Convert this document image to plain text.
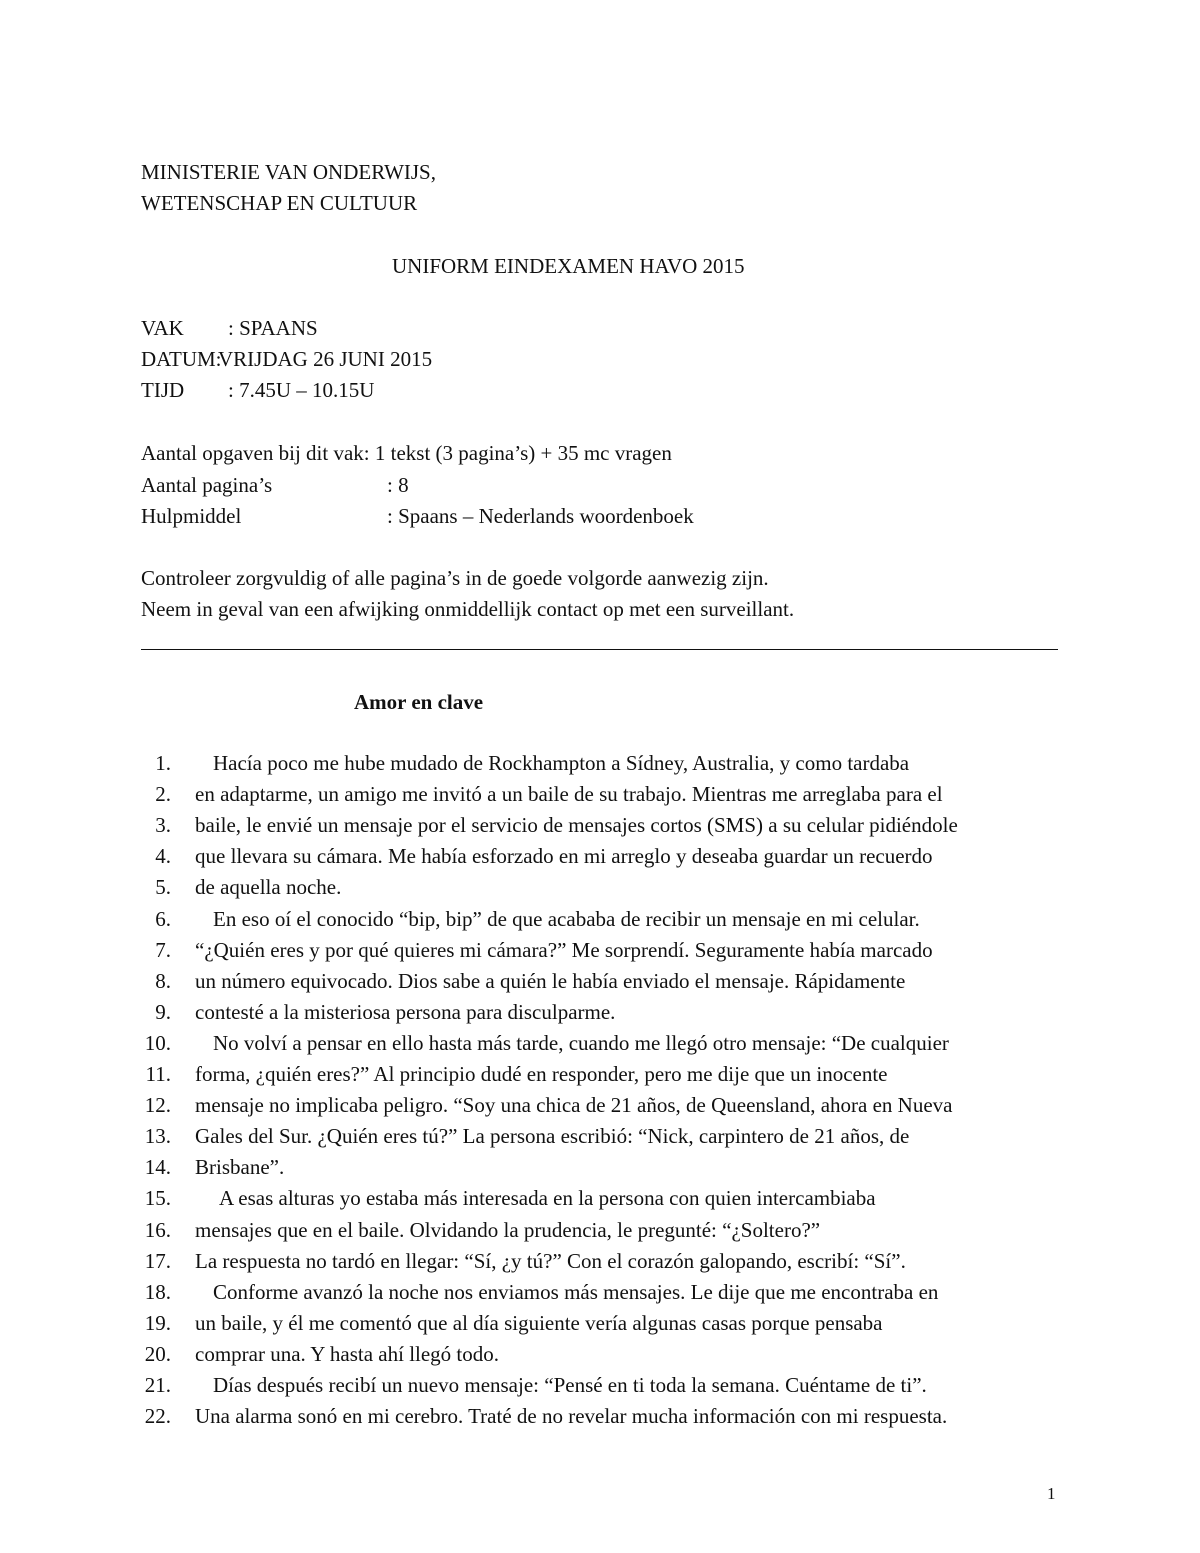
MINISTERIE VAN ONDERWIJS,
WETENSCHAP EN CULTUUR
UNIFORM EINDEXAMEN HAVO 2015
VAK : SPAANS
DATUM:
VRIJDAG 26 JUNI 2015
TIJD : 7.45U – 10.15U
Aantal opgaven bij dit vak: 1 tekst (3 pagina’s) + 35 mc vragen
Aantal pagina’s	: 8
Hulpmiddel	: Spaans – Nederlands woordenboek
Controleer zorgvuldig of alle pagina’s in de goede volgorde aanwezig zijn.
Neem in geval van een afwijking onmiddellijk contact op met een surveillant.
Amor en clave
1. Hacía poco me hube mudado de Rockhampton a Sídney, Australia, y como tardaba
2. en adaptarme, un amigo me invitó a un baile de su trabajo. Mientras me arreglaba para el
3. baile, le envié un mensaje por el servicio de mensajes cortos (SMS) a su celular pidiéndole
4. que llevara su cámara. Me había esforzado en mi arreglo y deseaba guardar un recuerdo
5. de aquella noche.
6. En eso oí el conocido “bip, bip” de que acababa de recibir un mensaje en mi celular.
7. “¿Quién eres y por qué quieres mi cámara?” Me sorprendí. Seguramente había marcado
8. un número equivocado. Dios sabe a quién le había enviado el mensaje. Rápidamente
9. contesté a la misteriosa persona para disculparme.
10. No volví a pensar en ello hasta más tarde, cuando me llegó otro mensaje: “De cualquier
11. forma, ¿quién eres?” Al principio dudé en responder, pero me dije que un inocente
12. mensaje no implicaba peligro. “Soy una chica de 21 años, de Queensland, ahora en Nueva
13. Gales del Sur. ¿Quién eres tú?” La persona escribió: “Nick, carpintero de 21 años, de
14. Brisbane”.
15. A esas alturas yo estaba más interesada en la persona con quien intercambiaba
16. mensajes que en el baile. Olvidando la prudencia, le pregunté: “¿Soltero?”
17. La respuesta no tardó en llegar: “Sí, ¿y tú?” Con el corazón galopando, escribí: “Sí”.
18. Conforme avanzó la noche nos enviamos más mensajes. Le dije que me encontraba en
19. un baile, y él me comentó que al día siguiente vería algunas casas porque pensaba
20. comprar una. Y hasta ahí llegó todo.
21. Días después recibí un nuevo mensaje: “Pensé en ti toda la semana. Cuéntame de ti”.
22. Una alarma sonó en mi cerebro. Traté de no revelar mucha información con mi respuesta.
1
